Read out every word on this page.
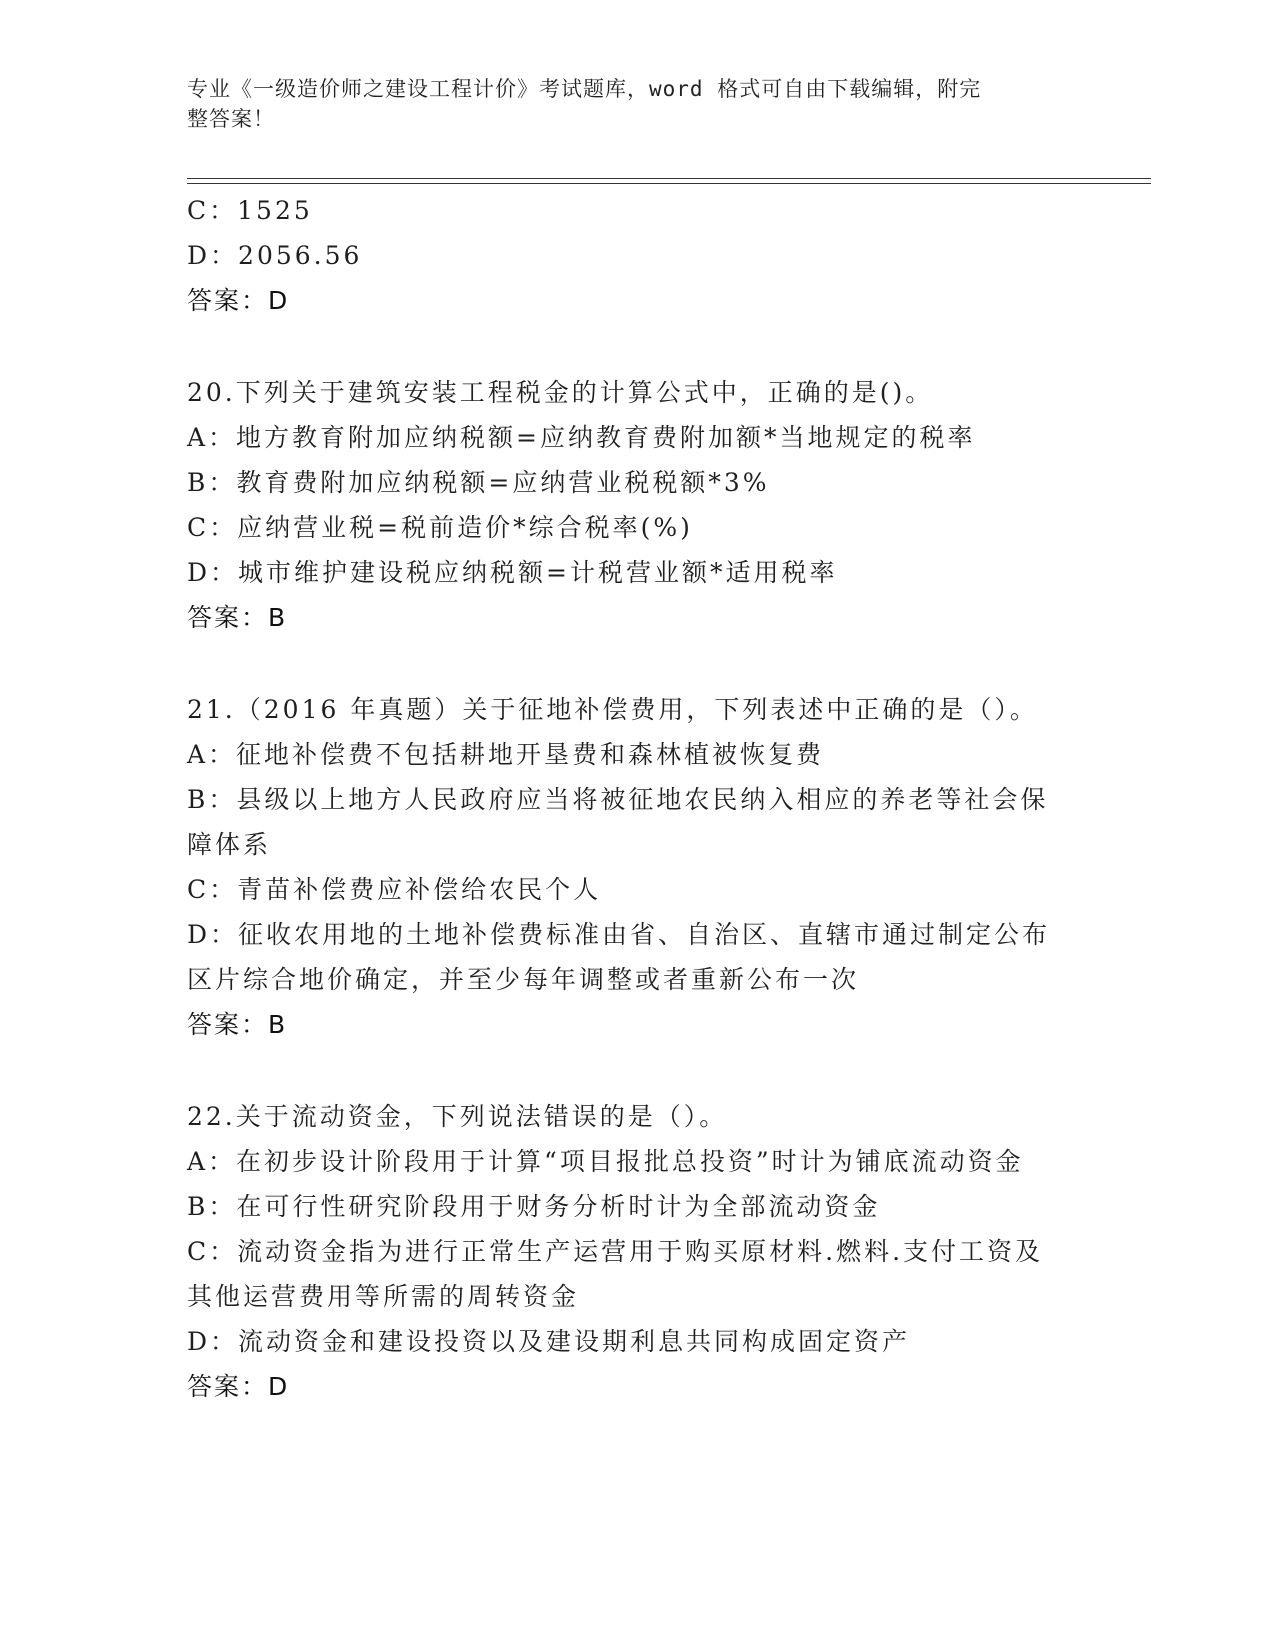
专业《一级造价师之建设工程计价》考试题库，word 格式可自由下载编辑，附完
整答案！
C：1525
D：2056.56
答案：D
20.下列关于建筑安装工程税金的计算公式中，正确的是()。
A：地方教育附加应纳税额=应纳教育费附加额*当地规定的税率
B：教育费附加应纳税额=应纳营业税税额*3%
C：应纳营业税=税前造价*综合税率(%)
D：城市维护建设税应纳税额=计税营业额*适用税率
答案：B
21.（2016 年真题）关于征地补偿费用，下列表述中正确的是（）。
A：征地补偿费不包括耕地开垦费和森林植被恢复费
B：县级以上地方人民政府应当将被征地农民纳入相应的养老等社会保
障体系
C：青苗补偿费应补偿给农民个人
D：征收农用地的土地补偿费标准由省、自治区、直辖市通过制定公布
区片综合地价确定，并至少每年调整或者重新公布一次
答案：B
22.关于流动资金，下列说法错误的是（）。
A：在初步设计阶段用于计算“项目报批总投资”时计为铺底流动资金
B：在可行性研究阶段用于财务分析时计为全部流动资金
C：流动资金指为进行正常生产运营用于购买原材料.燃料.支付工资及
其他运营费用等所需的周转资金
D：流动资金和建设投资以及建设期利息共同构成固定资产
答案：D
